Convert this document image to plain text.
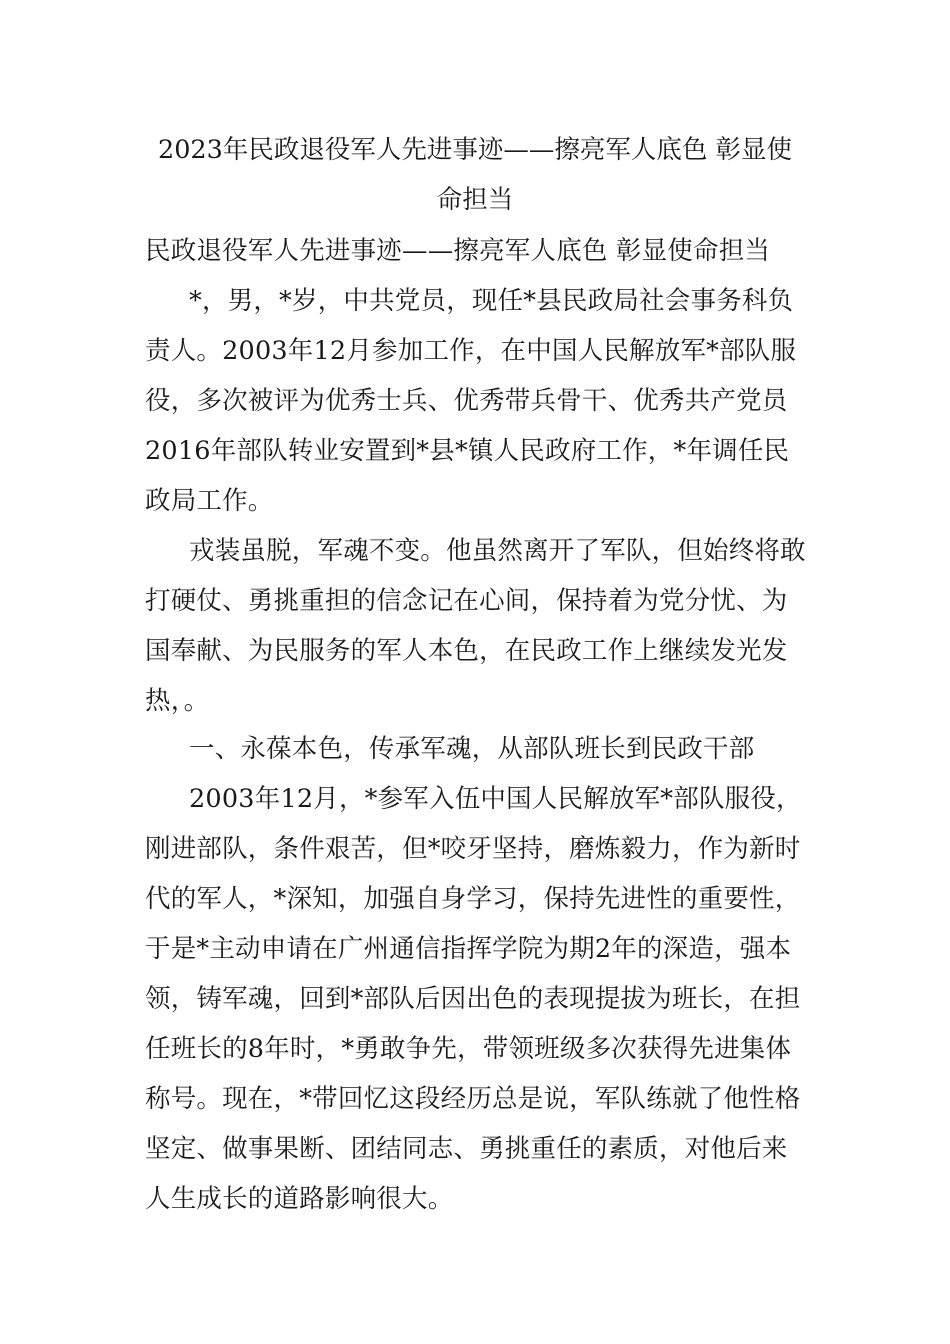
2023年民政退役军人先进事迹——擦亮军人底色 彰显使
命担当
民政退役军人先进事迹——擦亮军人底色 彰显使命担当
*，男，*岁，中共党员，现任*县民政局社会事务科负
责人。2003年12月参加工作，在中国人民解放军*部队服
役，多次被评为优秀士兵、优秀带兵骨干、优秀共产党员
2016年部队转业安置到*县*镇人民政府工作，*年调任民
政局工作。
戎装虽脱，军魂不变。他虽然离开了军队，但始终将敢
打硬仗、勇挑重担的信念记在心间，保持着为党分忧、为
国奉献、为民服务的军人本色，在民政工作上继续发光发
热，。
一、永葆本色，传承军魂，从部队班长到民政干部
2003年12月，*参军入伍中国人民解放军*部队服役，
刚进部队，条件艰苦，但*咬牙坚持，磨炼毅力，作为新时
代的军人，*深知，加强自身学习，保持先进性的重要性，
于是*主动申请在广州通信指挥学院为期2年的深造，强本
领，铸军魂，回到*部队后因出色的表现提拔为班长，在担
任班长的8年时，*勇敢争先，带领班级多次获得先进集体
称号。现在，*带回忆这段经历总是说，军队练就了他性格
坚定、做事果断、团结同志、勇挑重任的素质，对他后来
人生成长的道路影响很大。
